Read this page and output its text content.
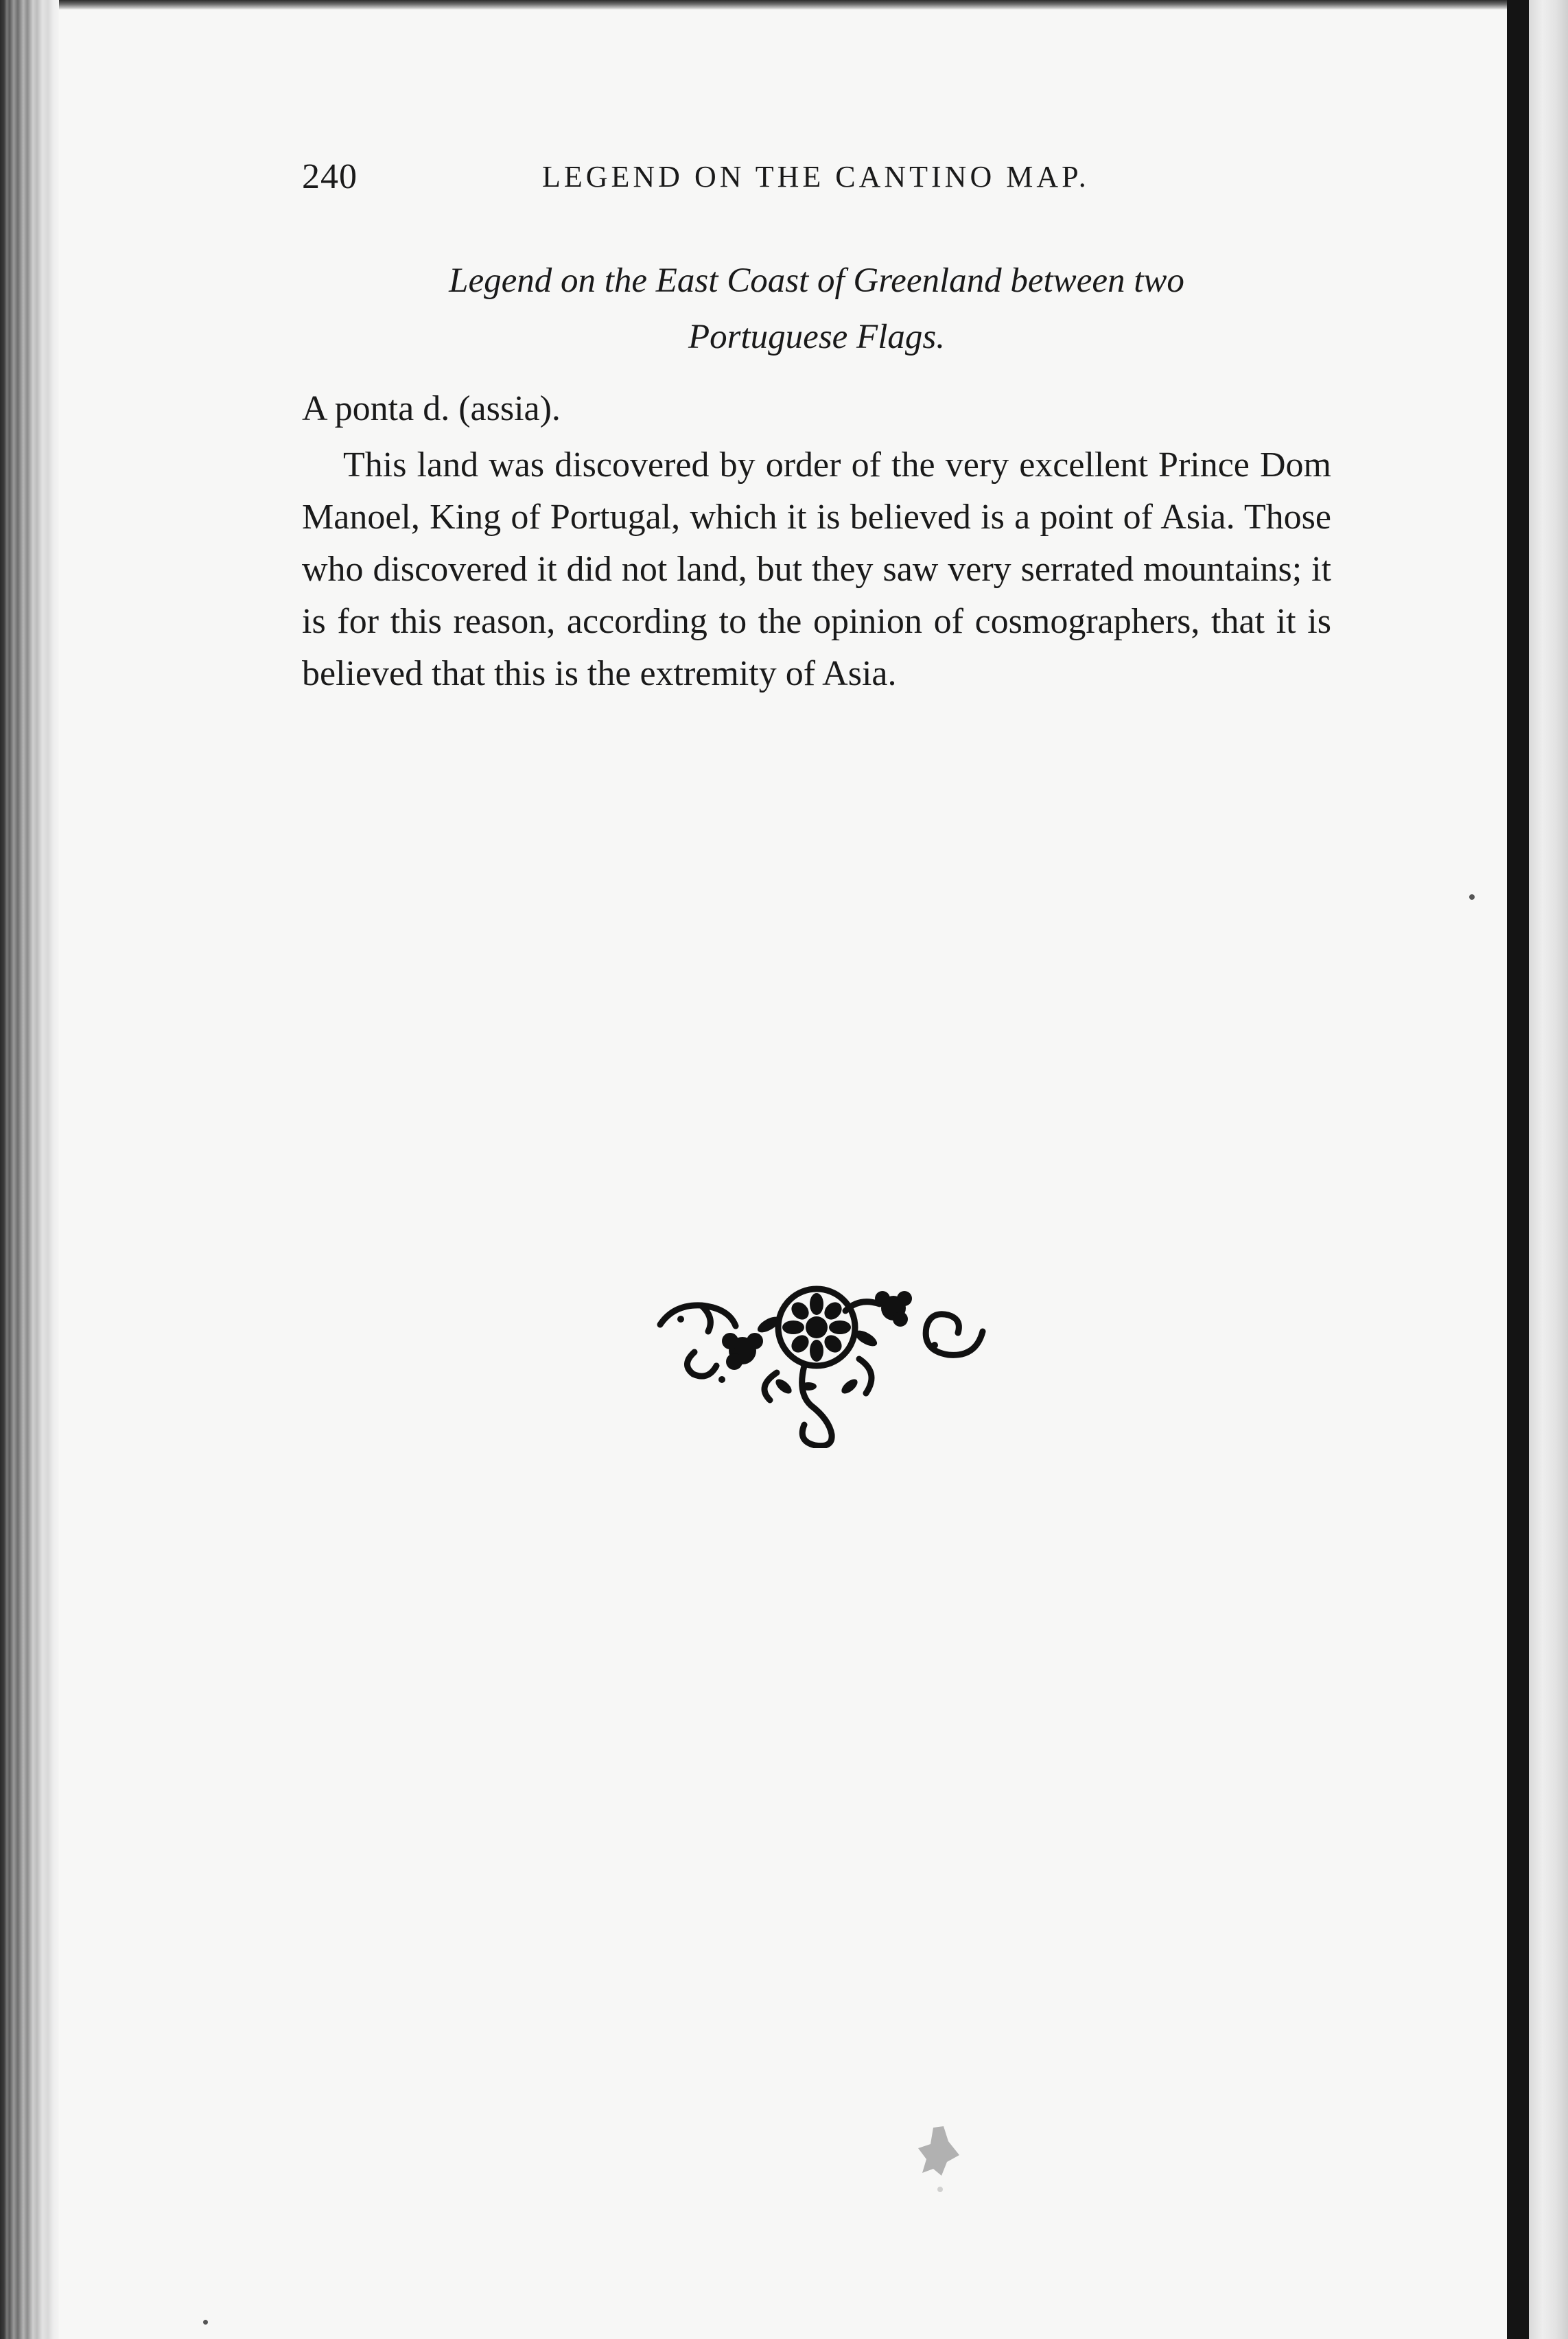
240	LEGEND ON THE CANTINO MAP.
Legend on the East Coast of Greenland between two
Portuguese Flags.
A ponta d. (assia).
This land was discovered by order of the very excellent Prince Dom Manoel, King of Portugal, which it is believed is a point of Asia. Those who discovered it did not land, but they saw very serrated mountains; it is for this reason, according to the opinion of cosmographers, that it is believed that this is the extremity of Asia.
